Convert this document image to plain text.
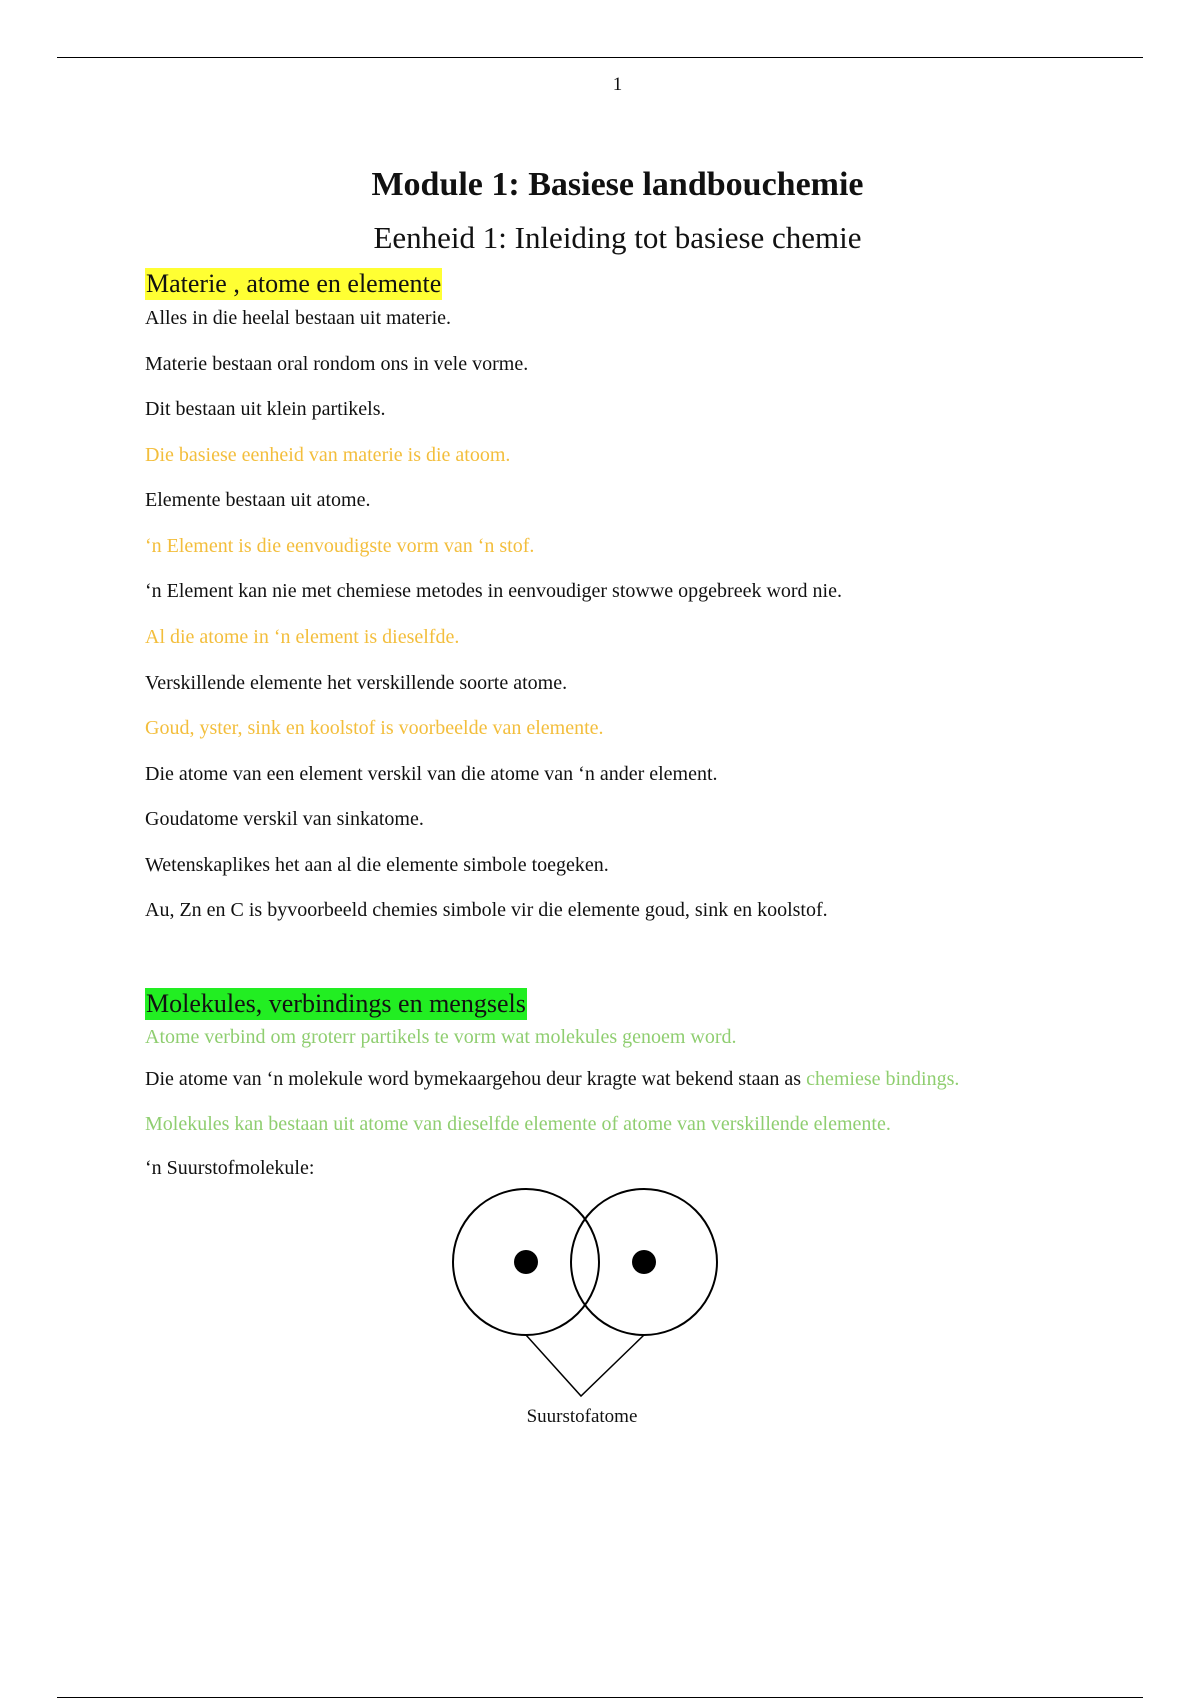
1
Module 1: Basiese landbouchemie
Eenheid 1: Inleiding tot basiese chemie
Materie , atome en elemente
Alles in die heelal bestaan uit materie.
Materie bestaan oral rondom ons in vele vorme.
Dit bestaan uit klein partikels.
Die basiese eenheid van materie is die atoom.
Elemente bestaan uit atome.
‘n Element is die eenvoudigste vorm van ‘n stof.
‘n Element kan nie met chemiese metodes in eenvoudiger stowwe opgebreek word nie.
Al die atome in ‘n element is dieselfde.
Verskillende elemente het verskillende soorte atome.
Goud, yster, sink en koolstof is voorbeelde van elemente.
Die atome van een element verskil van die atome van ‘n ander element.
Goudatome verskil van sinkatome.
Wetenskaplikes het aan al die elemente simbole toegeken.
Au, Zn en C is byvoorbeeld chemies simbole vir die elemente goud, sink en koolstof.
Molekules, verbindings en mengsels
Atome verbind om groterr partikels te vorm wat molekules genoem word.
Die atome van ‘n molekule word bymekaargehou deur kragte wat bekend staan as chemiese bindings.
Molekules kan bestaan uit atome van dieselfde elemente of atome van verskillende elemente.
‘n Suurstofmolekule:
Suurstofatome
